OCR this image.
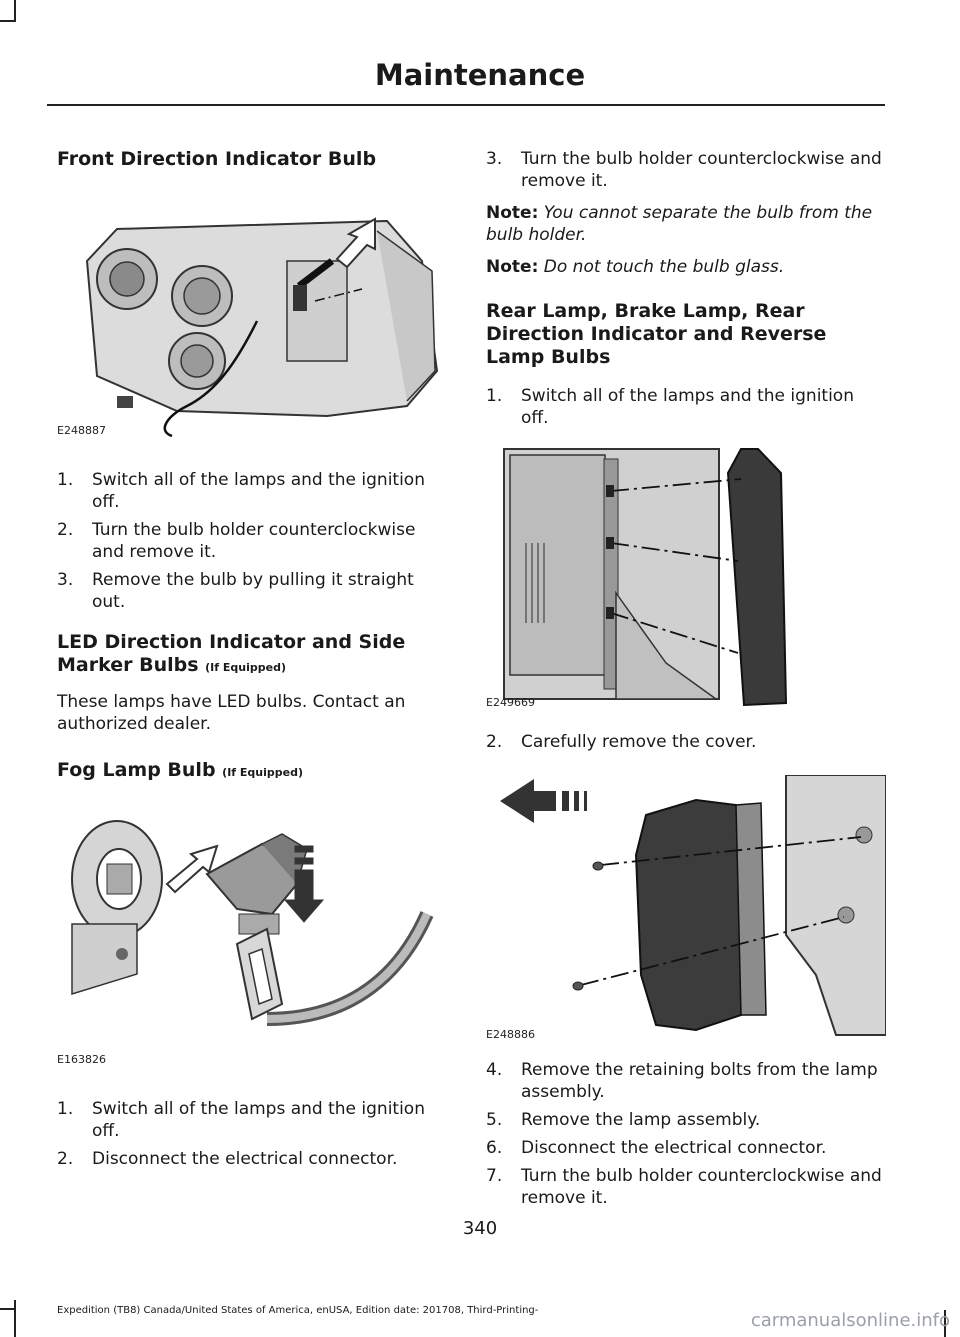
Maintenance
Front Direction Indicator Bulb
E248887
1. Switch all of the lamps and the ignition off.
2. Turn the bulb holder counterclockwise and remove it.
3. Remove the bulb by pulling it straight out.
LED Direction Indicator and Side Marker Bulbs (If Equipped)

These lamps have LED bulbs. Contact an authorized dealer.

Fog Lamp Bulb (If Equipped)
E163826
1. Switch all of the lamps and the ignition off.
2. Disconnect the electrical connector.
3. Turn the bulb holder counterclockwise and remove it.

Note: You cannot separate the bulb from the bulb holder.

Note: Do not touch the bulb glass.

Rear Lamp, Brake Lamp, Rear Direction Indicator and Reverse Lamp Bulbs
1. Switch all of the lamps and the ignition off.
E249669
2. Carefully remove the cover.
E248886
4. Remove the retaining bolts from the lamp assembly.
5. Remove the lamp assembly.
6. Disconnect the electrical connector.
7. Turn the bulb holder counterclockwise and remove it.
340
Expedition (TB8) Canada/United States of America, enUSA, Edition date: 201708, Third-Printing-	carmanualsonline.info
